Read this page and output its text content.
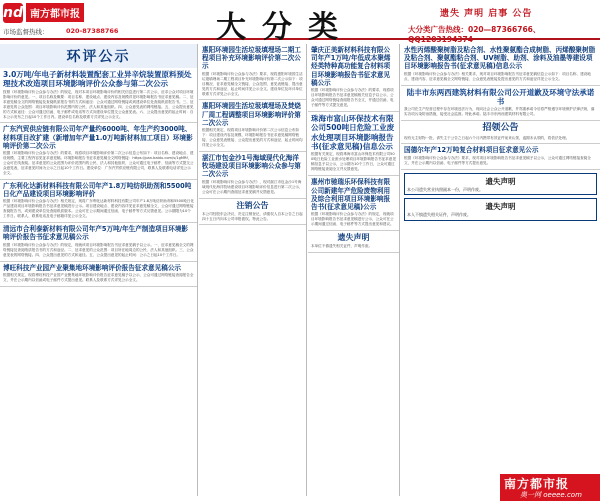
nd 南方都市报
市场监督热线：	020-87388766	大分类	遗失 声明 启事 公告
大分类广告热线：020—87366766、QQ1203194374
环评公示
3.0万吨/年电子新材料装置配套工业异辛烷装置原料预处理技术改造项目环境影响评价公众参与第二次公示
按照《环境影响评价公众参与办法》的规定，现对本项目环境影响评价的相关信息进行第二次公示，征求公众对项目环境影响评价的意见。一、项目名称及概要：项目名称、建设地点、建设内容及规模详见环境影响报告书征求意见稿。二、征求意见稿全文的网络链接及查阅纸质报告书的方式和途径：公众可通过网络链接或到建设单位处查阅纸质报告书。三、征求意见的公众范围：项目环境影响评价范围内的公民、法人和其他组织。四、公众意见表的网络链接。五、公众提出意见的方式和途径：公众可通过信函、电子邮件或电话等方式向建设单位提交公众意见表。六、公众提出意见的起止时间：自本公示发布之日起10个工作日内。建设单位名称及联系方式详见公示全文。
广东汽贸供应链有限公司年产量约6000吨、年生产约3000吨、材料项目改扩建（新增加年产量1.0万吨新材料加工项目）环境影响评价第二次公示
根据《环境影响评价公众参与办法》的要求，现将项目环境影响评价第二次公示信息公布如下：项目名称、建设地点、建设规模、主要工程内容见征求意见稿。环境影响报告书征求意见稿全文网络链接：https://pan.baidu.com/s/1gMRf，公众可在线查阅。征求意见的公众范围为评价范围内的公民、法人和其他组织，公众可通过电子邮件、信函等方式提交公众意见表，征求意见时间为公示之日起10个工作日。建设单位：广东汽贸供应链有限公司，联系人及联系电话详见公示全文。
广东利化达新材料科技有限公司年产1.8万吨纺织助剂和5500吨日化产品建设项目环境影响评价
根据《环境影响评价公众参与办法》相关规定，现将广东利化达新材料科技有限公司年产1.8万吨纺织助剂和5500吨日化产品建设项目环境影响报告书征求意见稿进行公示。项目建设地点、建设内容详见征求意见稿全文，公众可通过网络链接查阅报告书，或到建设单位处查阅纸质版本。公众可在公示期间通过信函、电子邮件等方式反馈意见。公示期限为10个工作日。联系人、联系电话及电子邮箱详见公示全文。
清远市合利泰新材料有限公司年产5万吨/年生产制造项目环境影响评价报告书征求意见稿公示
根据《环境影响评价公众参与办法》的规定，现就该项目环境影响报告书征求意见稿予以公示。一、征求意见稿全文的网络链接及查阅纸质报告书的方式和途径。二、征求意见的公众范围：项目所在地周边的公民、法人和其他组织。三、公众意见表的网络链接。四、公众提出意见的方式和途径。五、公众提出意见的起止时间：公示之日起10个工作日。
博旺科技产业园产业聚集地环境影响评价报告征求意见稿公示
根据相关规定，现将博旺科技产业园产业聚集地环境影响评价报告征求意见稿予以公示，公众可通过网络链接查阅报告全文，并在公示期内以信函或电子邮件方式提出意见。联系人及联系方式详见公示全文。
惠阳环境园生活垃圾填埋场二期工程项目补充环境影响评价第二次公示
根据《环境影响评价公众参与办法》要求，现将惠阳环境园生活垃圾填埋场二期工程项目补充环境影响评价第二次公示如下：项目概况、征求意见稿全文链接、公众范围、意见表链接、提出意见的方式和途径、起止时间详见公示全文。建设单位及环评单位联系方式详见公示全文。
惠阳环境园生活垃圾填埋场及焚烧厂周工程调整项目环境影响评价第二次公示
根据相关规定，现将项目环境影响评价第二次公示信息公布如下：项目建设内容及规模、环境影响报告书征求意见稿网络链接、公众意见表链接、公众提出意见的方式和途径、起止时间均详见公示全文。
湛江市包金沙1号海域现代化海洋牧场建设项目环境影响公众参与第二次公示
根据《环境影响评价公众参与办法》，现对湛江市包金沙1号海域现代化海洋牧场建设项目环境影响评价信息进行第二次公示，公众可在公示期内查阅征求意见稿并反馈意见。
注销公告
本公司经股东会决议，决定注销登记，请债权人自本公告之日起四十五日内向本公司申报债权。特此公告。
肇庆正美新材料科技有限公司年产1万吨/年低成本聚烯烃类特种高功能复合材料项目环境影响报告书征求意见稿公示
根据《环境影响评价公众参与办法》的要求，现将项目环境影响报告书征求意见稿相关信息予以公示，公众可通过网络链接查阅报告书全文，并通过信函、电子邮件等方式提交意见。
珠海市富山环保技术有限公司500吨日危险工业废水处理项目环境影响报告书(征求意见稿)信息公示
根据有关规定，现将珠海市富山环保技术有限公司500吨日危险工业废水处理项目环境影响报告书征求意见稿信息予以公示，公示期为10个工作日，公众可通过网络链接查阅全文并反馈意见。
惠州市驰瑞乐环保科技有限公司新建年产危险废物利用及综合利用项目环境影响报告书(征求意见稿)公示
根据《环境影响评价公众参与办法》的规定，现就项目环境影响报告书征求意见稿进行公示，公众可在公示期间通过信函、电子邮件等方式提出意见和建议。
遗失声明
本单位不慎遗失相关证件，声明作废。
水性丙烯酸聚树脂及粘合剂、水性聚氨酯合成树脂、丙烯酸聚树脂及粘合剂、聚氨酯粘合剂、UV树脂、助剂、涂料及油墨等建设项目环境影响报告书(征求意见稿)信息公示
根据《环境影响评价公众参与办法》相关要求，现对项目环境影响报告书征求意见稿信息公示如下：项目名称、建设地点、建设内容、征求意见稿全文网络链接、公众意见表链接及提出意见的方式和途径详见公示全文。
陆丰市东两西建筑材料有限公司公开道歉及环境守法承诺书
我公司在生产经营过程中存在环境违法行为，现向社会公众公开道歉，并郑重承诺今后将严格遵守环境保护法律法规，落实各项污染防治措施，接受社会监督。特此承诺。陆丰市东两西建筑材料有限公司。
招领公告
现有无主财物一批，请失主于公告之日起六个月内携带有效证件前来认领，逾期未认领的，将依法处理。
国德尔年产12万吨复合材料项目征求意见公示
根据《环境影响评价公众参与办法》要求，现对项目环境影响报告书征求意见稿予以公示，公众可通过网络链接查阅全文，并在公示期内以信函、电子邮件等方式提出意见。
遗失声明
本公司遗失营业执照副本一份，声明作废。
遗失声明
本人不慎遗失相关证件，声明作废。
南方都市报
奥一网 oeeee.com
